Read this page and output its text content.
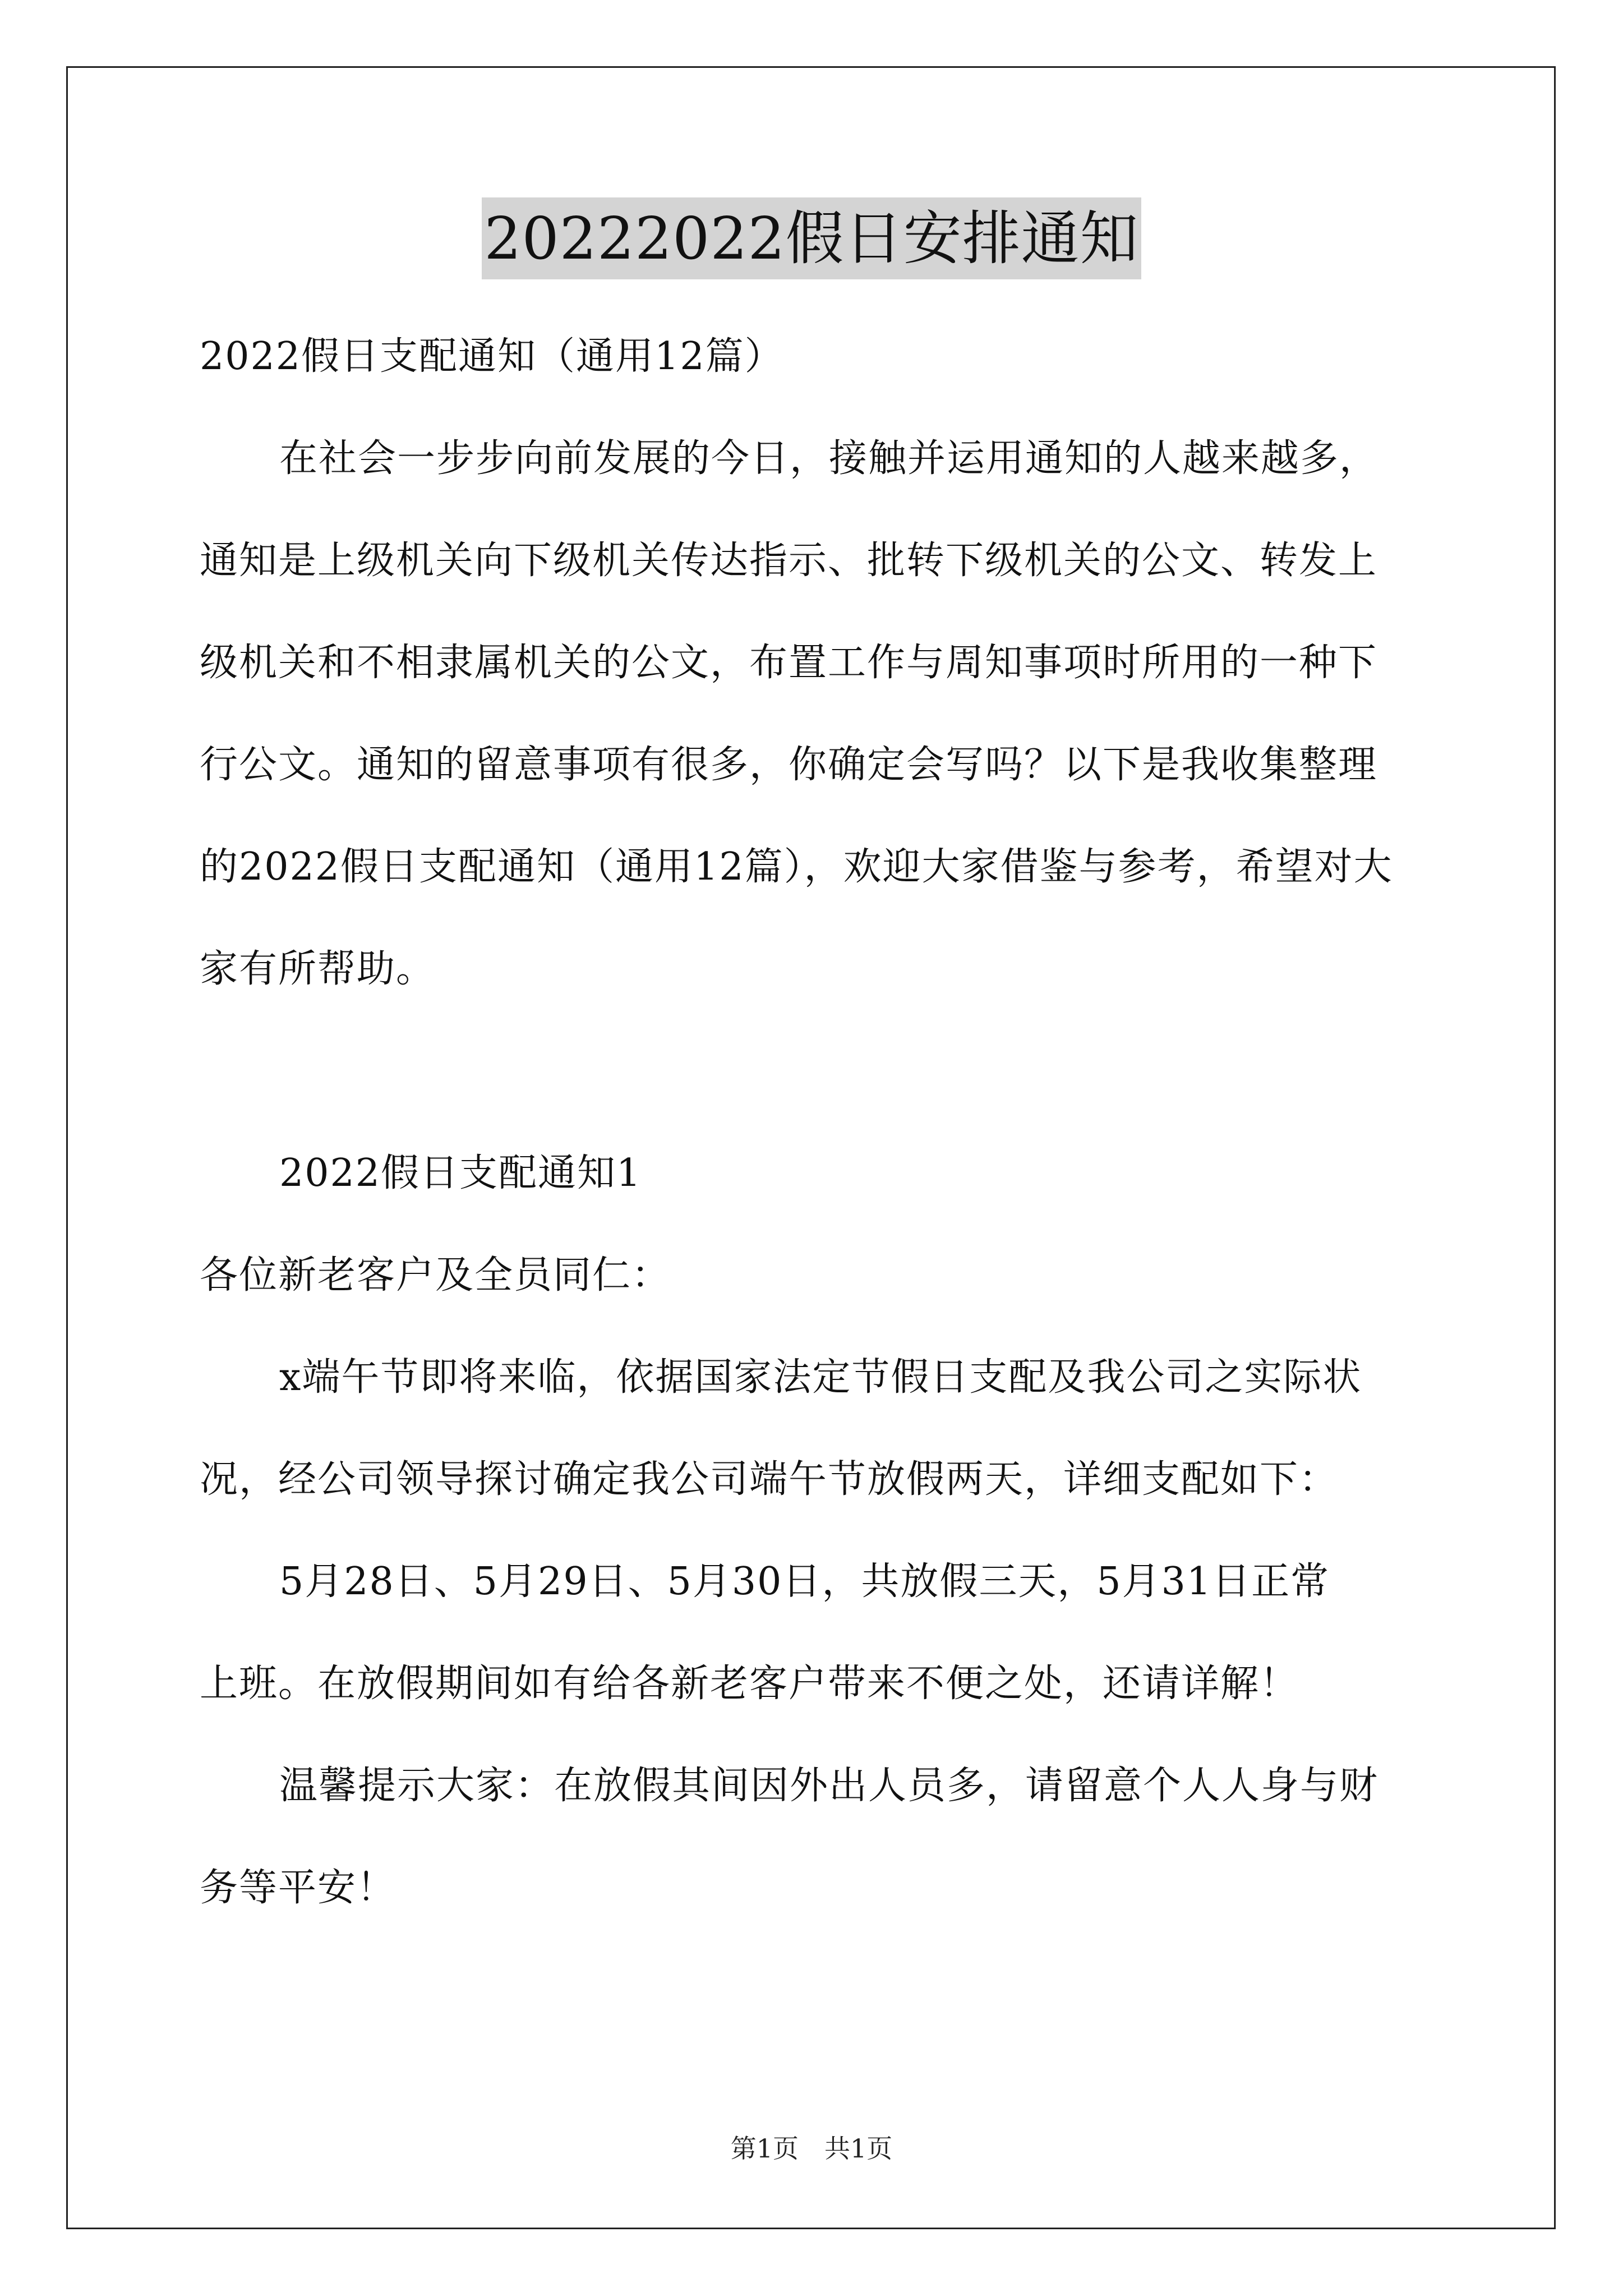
20222022假日安排通知

2022假日支配通知（通用12篇）

在社会一步步向前发展的今日，接触并运用通知的人越来越多，

通知是上级机关向下级机关传达指示、批转下级机关的公文、转发上

级机关和不相隶属机关的公文，布置工作与周知事项时所用的一种下

行公文。通知的留意事项有很多，你确定会写吗？以下是我收集整理

的2022假日支配通知（通用12篇），欢迎大家借鉴与参考，希望对大

家有所帮助。

2022假日支配通知1

各位新老客户及全员同仁：

x端午节即将来临，依据国家法定节假日支配及我公司之实际状

况，经公司领导探讨确定我公司端午节放假两天，详细支配如下：

5月28日、5月29日、5月30日，共放假三天，5月31日正常

上班。在放假期间如有给各新老客户带来不便之处，还请详解！

温馨提示大家：在放假其间因外出人员多，请留意个人人身与财

务等平安！

第1页　共1页
